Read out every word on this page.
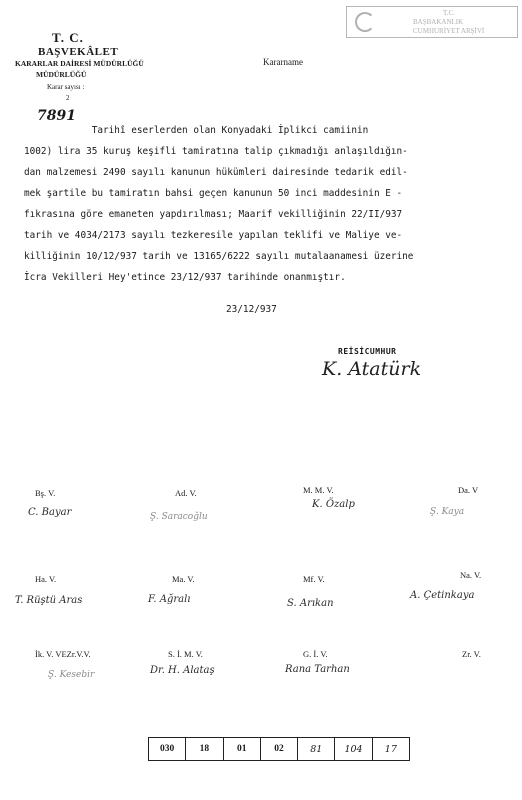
T. C.
BAŞVEKÂLET
KARARLAR DAİRESİ MÜDÜRLÜĞÜ
MÜDÜRLÜĞÜ
Karar sayısı :
2
7891
Kararname
T.C.
BAŞBAKANLIK
CUMHURİYET ARŞİVİ
Tarihî eserlerden olan Konyadaki İplikci camiinin
1002) lira 35 kuruş keşifli tamiratına talip çıkmadığı anlaşıldığın-
dan malzemesi 2490 sayılı kanunun hükümleri dairesinde tedarik edil-
mek şartile bu tamiratın bahsi geçen kanunun 50 inci maddesinin E -
fıkrasına göre emaneten yapdırılması; Maarif vekilliğinin 22/II/937
tarih ve 4034/2173 sayılı tezkeresile yapılan teklifi ve Maliye ve-
killiğinin 10/12/937 tarih ve 13165/6222 sayılı mutalaanamesi üzerine
İcra Vekilleri Hey'etince 23/12/937 tarihinde onanmıştır.
23/12/937
REİSİCUMHUR
K. Atatürk
Bş. V.
C. Bayar
Ad. V.
Ş. Saracoğlu
M. M. V.
K. Özalp
Da. V
Ş. Kaya
Ha. V.
T. Rüştü Aras
Ma. V.
F. Ağralı
Mf. V.
S. Arıkan
Na. V.
A. Çetinkaya
İk. V. VEZr.V.V.
Ş. Kesebir
S. İ. M. V.
Dr. H. Alataş
G. İ. V.
Rana Tarhan
Zr. V.
030	18	01	02	81	104	17
